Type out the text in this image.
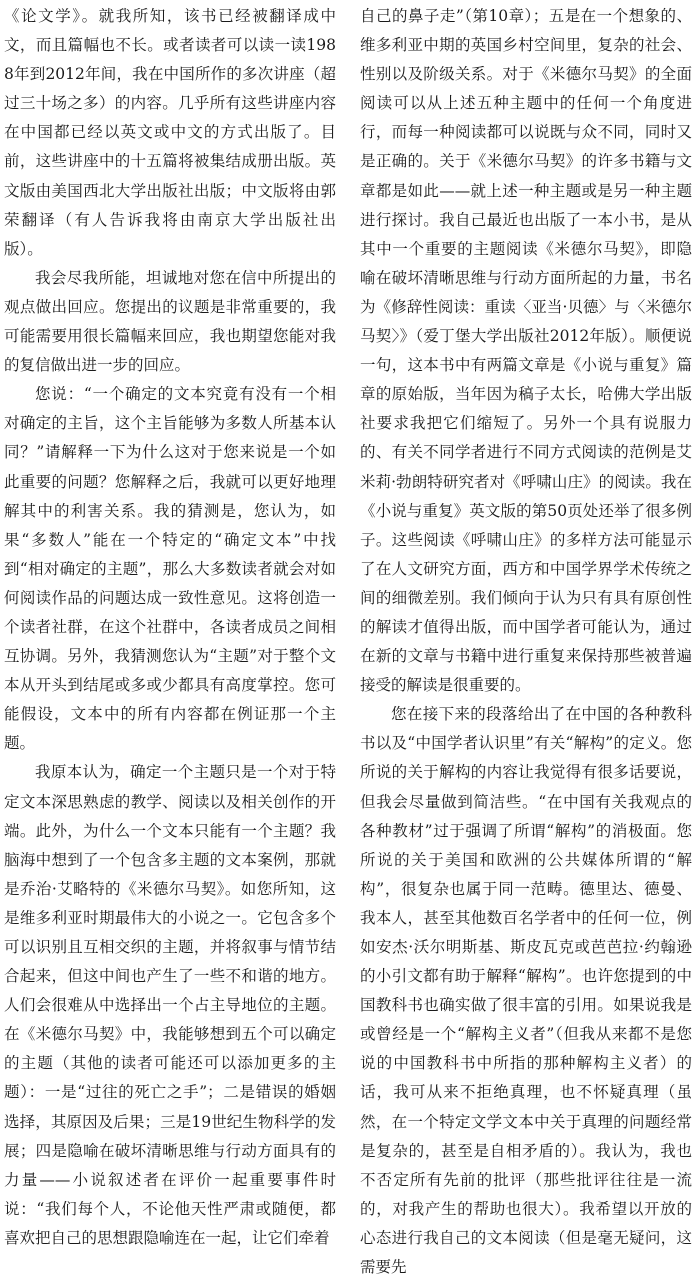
《论文学》。就我所知，该书已经被翻译成中文，而且篇幅也不长。或者读者可以读一读1988年到2012年间，我在中国所作的多次讲座（超过三十场之多）的内容。几乎所有这些讲座内容在中国都已经以英文或中文的方式出版了。目前，这些讲座中的十五篇将被集结成册出版。英文版由美国西北大学出版社出版；中文版将由郭荣翻译（有人告诉我将由南京大学出版社出版）。

我会尽我所能，坦诚地对您在信中所提出的观点做出回应。您提出的议题是非常重要的，我可能需要用很长篇幅来回应，我也期望您能对我的复信做出进一步的回应。

您说：“一个确定的文本究竟有没有一个相对确定的主旨，这个主旨能够为多数人所基本认同？”请解释一下为什么这对于您来说是一个如此重要的问题？您解释之后，我就可以更好地理解其中的利害关系。我的猜测是，您认为，如果“多数人”能在一个特定的“确定文本”中找到“相对确定的主题”，那么大多数读者就会对如何阅读作品的问题达成一致性意见。这将创造一个读者社群，在这个社群中，各读者成员之间相互协调。另外，我猜测您认为“主题”对于整个文本从开头到结尾或多或少都具有高度掌控。您可能假设，文本中的所有内容都在例证那一个主题。

我原本认为，确定一个主题只是一个对于特定文本深思熟虑的教学、阅读以及相关创作的开端。此外，为什么一个文本只能有一个主题？我脑海中想到了一个包含多主题的文本案例，那就是乔治·艾略特的《米德尔马契》。如您所知，这是维多利亚时期最伟大的小说之一。它包含多个可以识别且互相交织的主题，并将叙事与情节结合起来，但这中间也产生了一些不和谐的地方。人们会很难从中选择出一个占主导地位的主题。在《米德尔马契》中，我能够想到五个可以确定的主题（其他的读者可能还可以添加更多的主题）：一是“过往的死亡之手”；二是错误的婚姻选择，其原因及后果；三是19世纪生物科学的发展；四是隐喻在破坏清晰思维与行动方面具有的力量——小说叙述者在评价一起重要事件时说：“我们每个人，不论他天性严肃或随便，都喜欢把自己的思想跟隐喻连在一起，让它们牵着

自己的鼻子走”（第10章）；五是在一个想象的、维多利亚中期的英国乡村空间里，复杂的社会、性别以及阶级关系。对于《米德尔马契》的全面阅读可以从上述五种主题中的任何一个角度进行，而每一种阅读都可以说既与众不同，同时又是正确的。关于《米德尔马契》的许多书籍与文章都是如此——就上述一种主题或是另一种主题进行探讨。我自己最近也出版了一本小书，是从其中一个重要的主题阅读《米德尔马契》，即隐喻在破坏清晰思维与行动方面所起的力量，书名为《修辞性阅读：重读〈亚当·贝德〉与〈米德尔马契〉》（爱丁堡大学出版社2012年版）。顺便说一句，这本书中有两篇文章是《小说与重复》篇章的原始版，当年因为稿子太长，哈佛大学出版社要求我把它们缩短了。另外一个具有说服力的、有关不同学者进行不同方式阅读的范例是艾米莉·勃朗特研究者对《呼啸山庄》的阅读。我在《小说与重复》英文版的第50页处还举了很多例子。这些阅读《呼啸山庄》的多样方法可能显示了在人文研究方面，西方和中国学界学术传统之间的细微差别。我们倾向于认为只有具有原创性的解读才值得出版，而中国学者可能认为，通过在新的文章与书籍中进行重复来保持那些被普遍接受的解读是很重要的。

您在接下来的段落给出了在中国的各种教科书以及“中国学者认识里”有关“解构”的定义。您所说的关于解构的内容让我觉得有很多话要说，但我会尽量做到简洁些。“在中国有关我观点的各种教材”过于强调了所谓“解构”的消极面。您所说的关于美国和欧洲的公共媒体所谓的“解构”，很复杂也属于同一范畴。德里达、德曼、我本人，甚至其他数百名学者中的任何一位，例如安杰·沃尔明斯基、斯皮瓦克或芭芭拉·约翰逊的小引文都有助于解释“解构”。也许您提到的中国教科书也确实做了很丰富的引用。如果说我是或曾经是一个“解构主义者”（但我从来都不是您说的中国教科书中所指的那种解构主义者）的话，我可从来不拒绝真理，也不怀疑真理（虽然，在一个特定文学文本中关于真理的问题经常是复杂的，甚至是自相矛盾的）。我认为，我也不否定所有先前的批评（那些批评往往是一流的，对我产生的帮助也很大）。我希望以开放的心态进行我自己的文本阅读（但是毫无疑问，这需要先
